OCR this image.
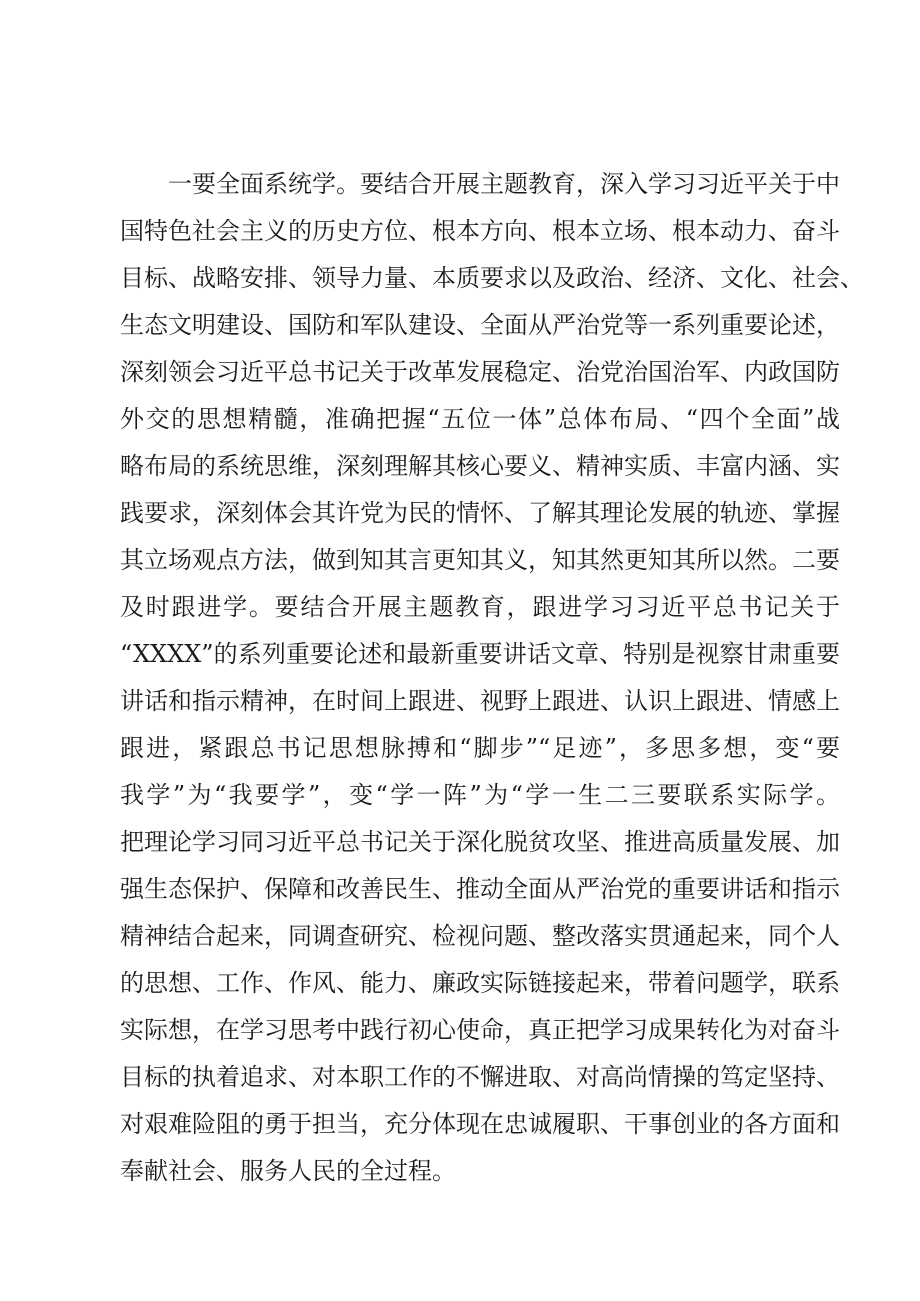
一要全面系统学。要结合开展主题教育，深入学习习近平关于中
国特色社会主义的历史方位、根本方向、根本立场、根本动力、奋斗
目标、战略安排、领导力量、本质要求以及政治、经济、文化、社会、
生态文明建设、国防和军队建设、全面从严治党等一系列重要论述，
深刻领会习近平总书记关于改革发展稳定、治党治国治军、内政国防
外交的思想精髓，准确把握“五位一体”总体布局、“四个全面”战
略布局的系统思维，深刻理解其核心要义、精神实质、丰富内涵、实
践要求，深刻体会其许党为民的情怀、了解其理论发展的轨迹、掌握
其立场观点方法，做到知其言更知其义，知其然更知其所以然。二要
及时跟进学。要结合开展主题教育，跟进学习习近平总书记关于
“XXXX”的系列重要论述和最新重要讲话文章、特别是视察甘肃重要
讲话和指示精神，在时间上跟进、视野上跟进、认识上跟进、情感上
跟进，紧跟总书记思想脉搏和“脚步”“足迹”，多思多想，变“要
我学”为“我要学”，变“学一阵”为“学一生二三要联系实际学。
把理论学习同习近平总书记关于深化脱贫攻坚、推进高质量发展、加
强生态保护、保障和改善民生、推动全面从严治党的重要讲话和指示
精神结合起来，同调查研究、检视问题、整改落实贯通起来，同个人
的思想、工作、作风、能力、廉政实际链接起来，带着问题学，联系
实际想，在学习思考中践行初心使命，真正把学习成果转化为对奋斗
目标的执着追求、对本职工作的不懈进取、对高尚情操的笃定坚持、
对艰难险阻的勇于担当，充分体现在忠诚履职、干事创业的各方面和
奉献社会、服务人民的全过程。
